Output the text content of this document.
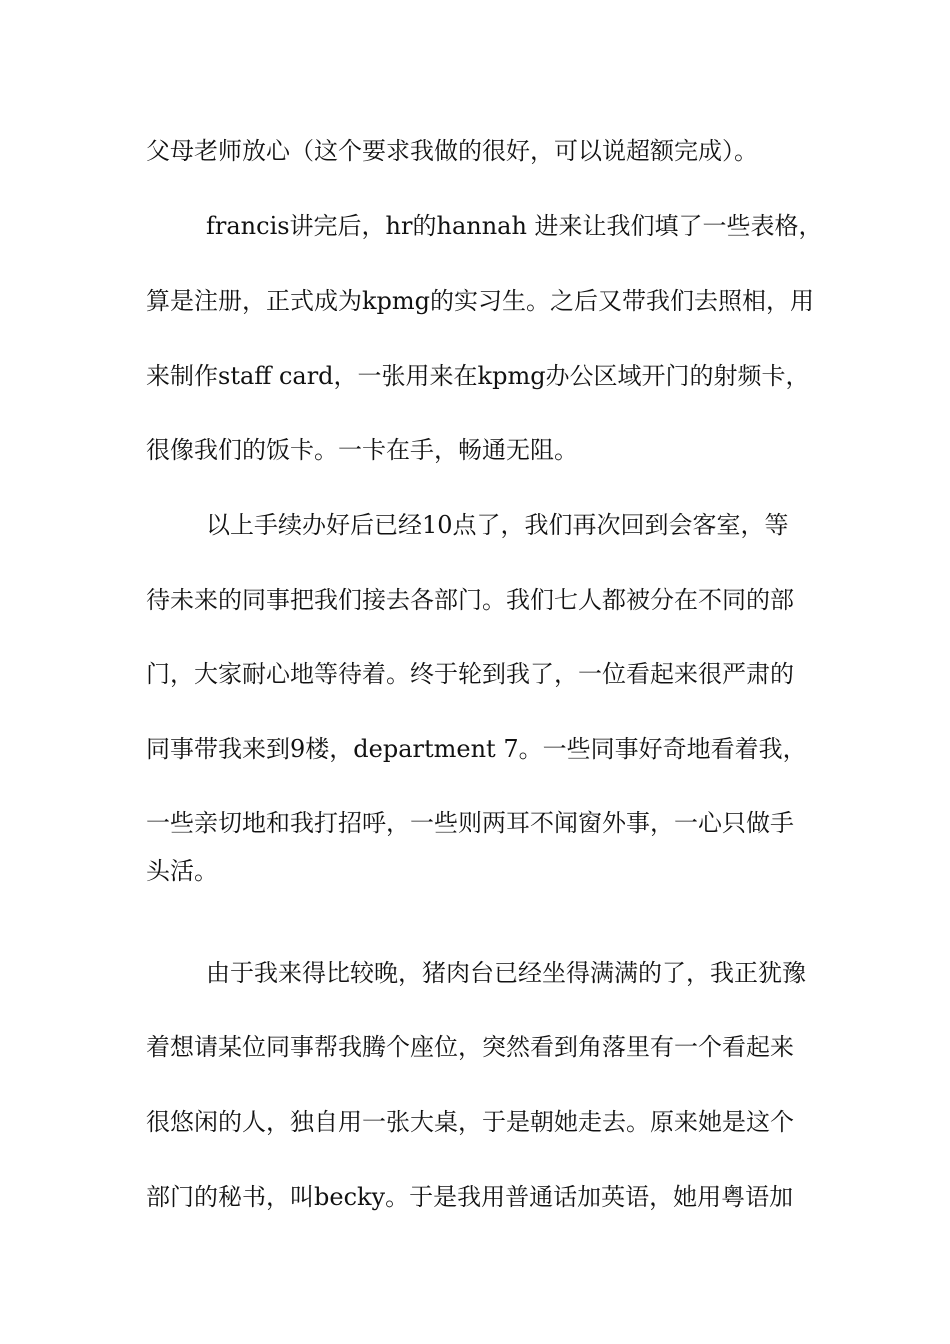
父母老师放心（这个要求我做的很好，可以说超额完成）。

francis讲完后，hr的hannah 进来让我们填了一些表格，

算是注册，正式成为kpmg的实习生。之后又带我们去照相，用

来制作staff card，一张用来在kpmg办公区域开门的射频卡，

很像我们的饭卡。一卡在手，畅通无阻。

以上手续办好后已经10点了，我们再次回到会客室，等

待未来的同事把我们接去各部门。我们七人都被分在不同的部

门，大家耐心地等待着。终于轮到我了，一位看起来很严肃的

同事带我来到9楼，department 7。一些同事好奇地看着我，

一些亲切地和我打招呼，一些则两耳不闻窗外事，一心只做手

头活。

由于我来得比较晚，猪肉台已经坐得满满的了，我正犹豫

着想请某位同事帮我腾个座位，突然看到角落里有一个看起来

很悠闲的人，独自用一张大桌，于是朝她走去。原来她是这个

部门的秘书，叫becky。于是我用普通话加英语，她用粤语加
